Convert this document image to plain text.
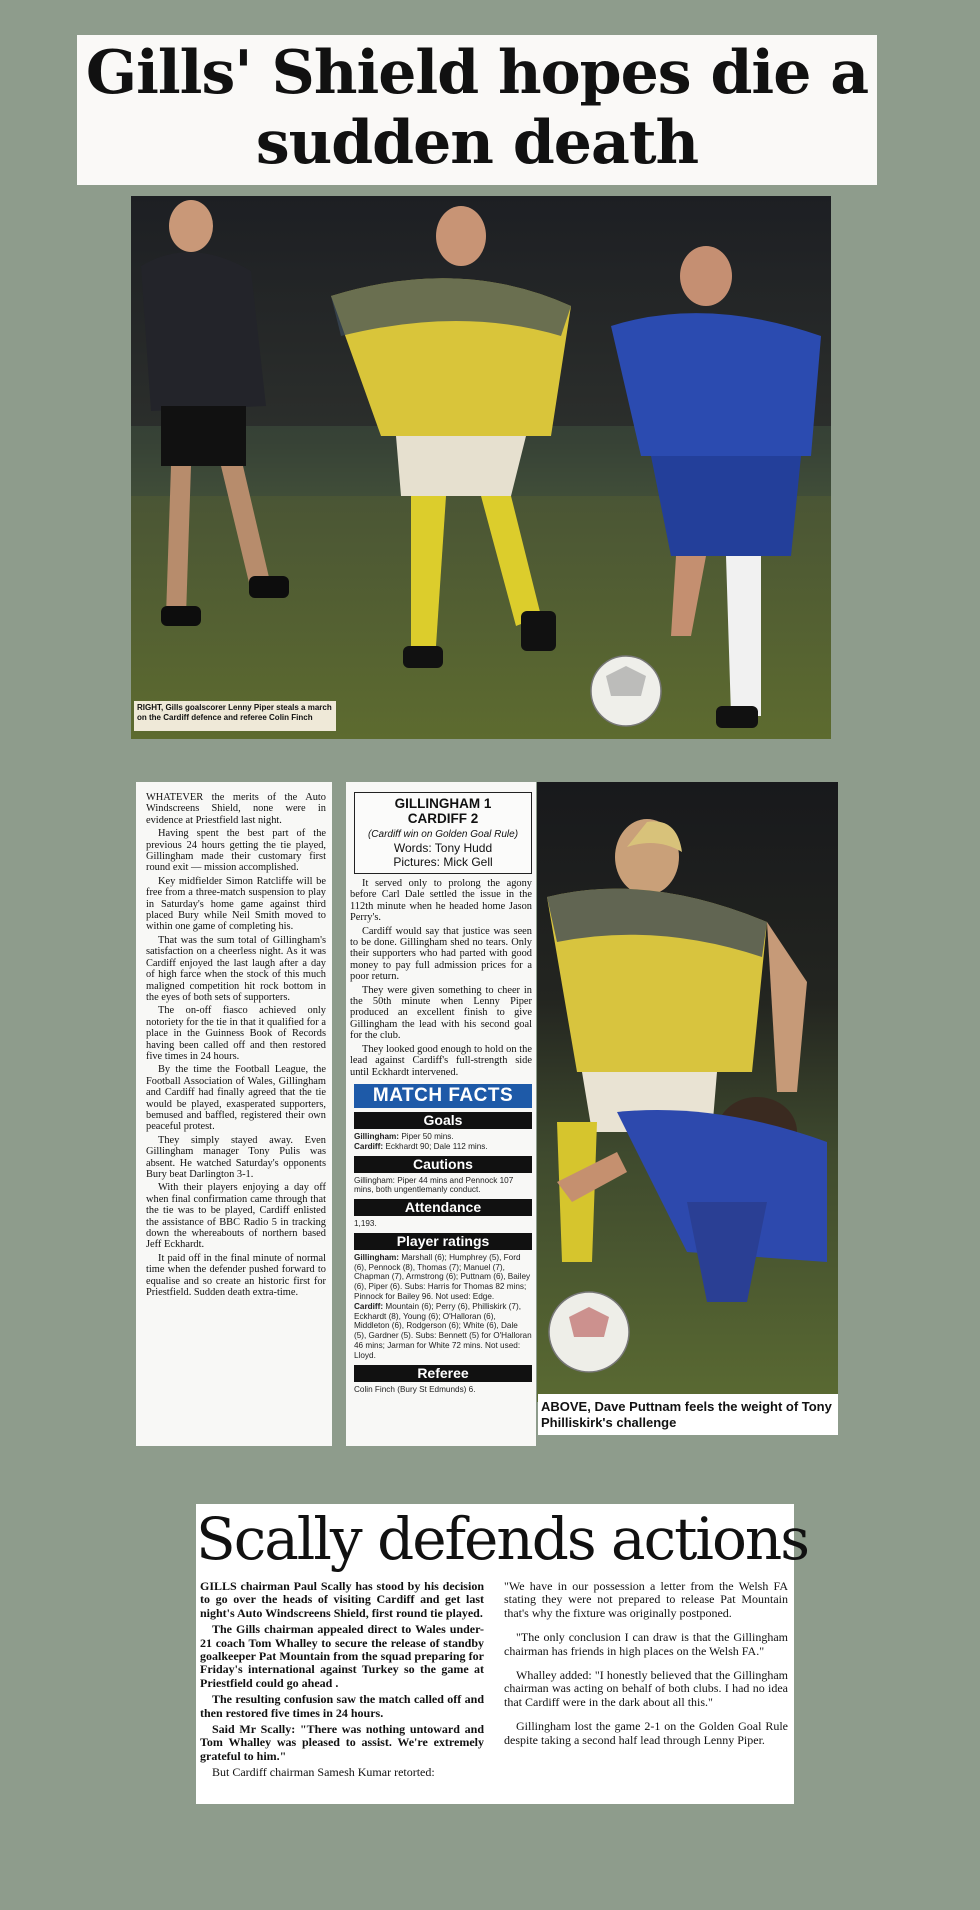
Gills' Shield hopes die a sudden death
RIGHT, Gills goalscorer Lenny Piper steals a march on the Cardiff defence and referee Colin Finch

WHATEVER the merits of the Auto Windscreens Shield, none were in evidence at Priestfield last night.

Having spent the best part of the previous 24 hours getting the tie played, Gillingham made their customary first round exit — mission accomplished.

Key midfielder Simon Ratcliffe will be free from a three-match suspension to play in Saturday's home game against third placed Bury while Neil Smith moved to within one game of completing his.

That was the sum total of Gillingham's satisfaction on a cheerless night. As it was Cardiff enjoyed the last laugh after a day of high farce when the stock of this much maligned competition hit rock bottom in the eyes of both sets of supporters.

The on-off fiasco achieved only notoriety for the tie in that it qualified for a place in the Guinness Book of Records having been called off and then restored five times in 24 hours.

By the time the Football League, the Football Association of Wales, Gillingham and Cardiff had finally agreed that the tie would be played, exasperated supporters, bemused and baffled, registered their own peaceful protest.

They simply stayed away. Even Gillingham manager Tony Pulis was absent. He watched Saturday's opponents Bury beat Darlington 3-1.

With their players enjoying a day off when final confirmation came through that the tie was to be played, Cardiff enlisted the assistance of BBC Radio 5 in tracking down the whereabouts of northern based Jeff Eckhardt.

It paid off in the final minute of normal time when the defender pushed forward to equalise and so create an historic first for Priestfield. Sudden death extra-time.

GILLINGHAM 1
CARDIFF 2
(Cardiff win on Golden Goal Rule)
Words: Tony Hudd
Pictures: Mick Gell

It served only to prolong the agony before Carl Dale settled the issue in the 112th minute when he headed home Jason Perry's.

Cardiff would say that justice was seen to be done. Gillingham shed no tears. Only their supporters who had parted with good money to pay full admission prices for a poor return.

They were given something to cheer in the 50th minute when Lenny Piper produced an excellent finish to give Gillingham the lead with his second goal for the club.

They looked good enough to hold on the lead against Cardiff's full-strength side until Eckhardt intervened.

MATCH FACTS
Goals
Gillingham: Piper 50 mins.
Cardiff: Eckhardt 90; Dale 112 mins.
Cautions
Gillingham: Piper 44 mins and Pennock 107 mins, both ungentlemanly conduct.
Attendance
1,193.
Player ratings
Gillingham: Marshall (6); Humphrey (5), Ford (6), Pennock (8), Thomas (7); Manuel (7), Chapman (7), Armstrong (6); Puttnam (6), Bailey (6), Piper (6). Subs: Harris for Thomas 82 mins; Pinnock for Bailey 96. Not used: Edge.
Cardiff: Mountain (6); Perry (6), Philliskirk (7), Eckhardt (8), Young (6); O'Halloran (6), Middleton (6), Rodgerson (6); White (6), Dale (5), Gardner (5). Subs: Bennett (5) for O'Halloran 46 mins; Jarman for White 72 mins. Not used: Lloyd.
Referee
Colin Finch (Bury St Edmunds) 6.
ABOVE, Dave Puttnam feels the weight of Tony Philliskirk's challenge
Scally defends actions

GILLS chairman Paul Scally has stood by his decision to go over the heads of visiting Cardiff and get last night's Auto Windscreens Shield, first round tie played.

The Gills chairman appealed direct to Wales under-21 coach Tom Whalley to secure the release of standby goalkeeper Pat Mountain from the squad preparing for Friday's international against Turkey so the game at Priestfield could go ahead .

The resulting confusion saw the match called off and then restored five times in 24 hours.

Said Mr Scally: "There was nothing untoward and Tom Whalley was pleased to assist. We're extremely grateful to him."

But Cardiff chairman Samesh Kumar retorted:

"We have in our possession a letter from the Welsh FA stating they were not prepared to release Pat Mountain that's why the fixture was originally postponed.

"The only conclusion I can draw is that the Gillingham chairman has friends in high places on the Welsh FA."

Whalley added: "I honestly believed that the Gillingham chairman was acting on behalf of both clubs. I had no idea that Cardiff were in the dark about all this."

Gillingham lost the game 2-1 on the Golden Goal Rule despite taking a second half lead through Lenny Piper.
